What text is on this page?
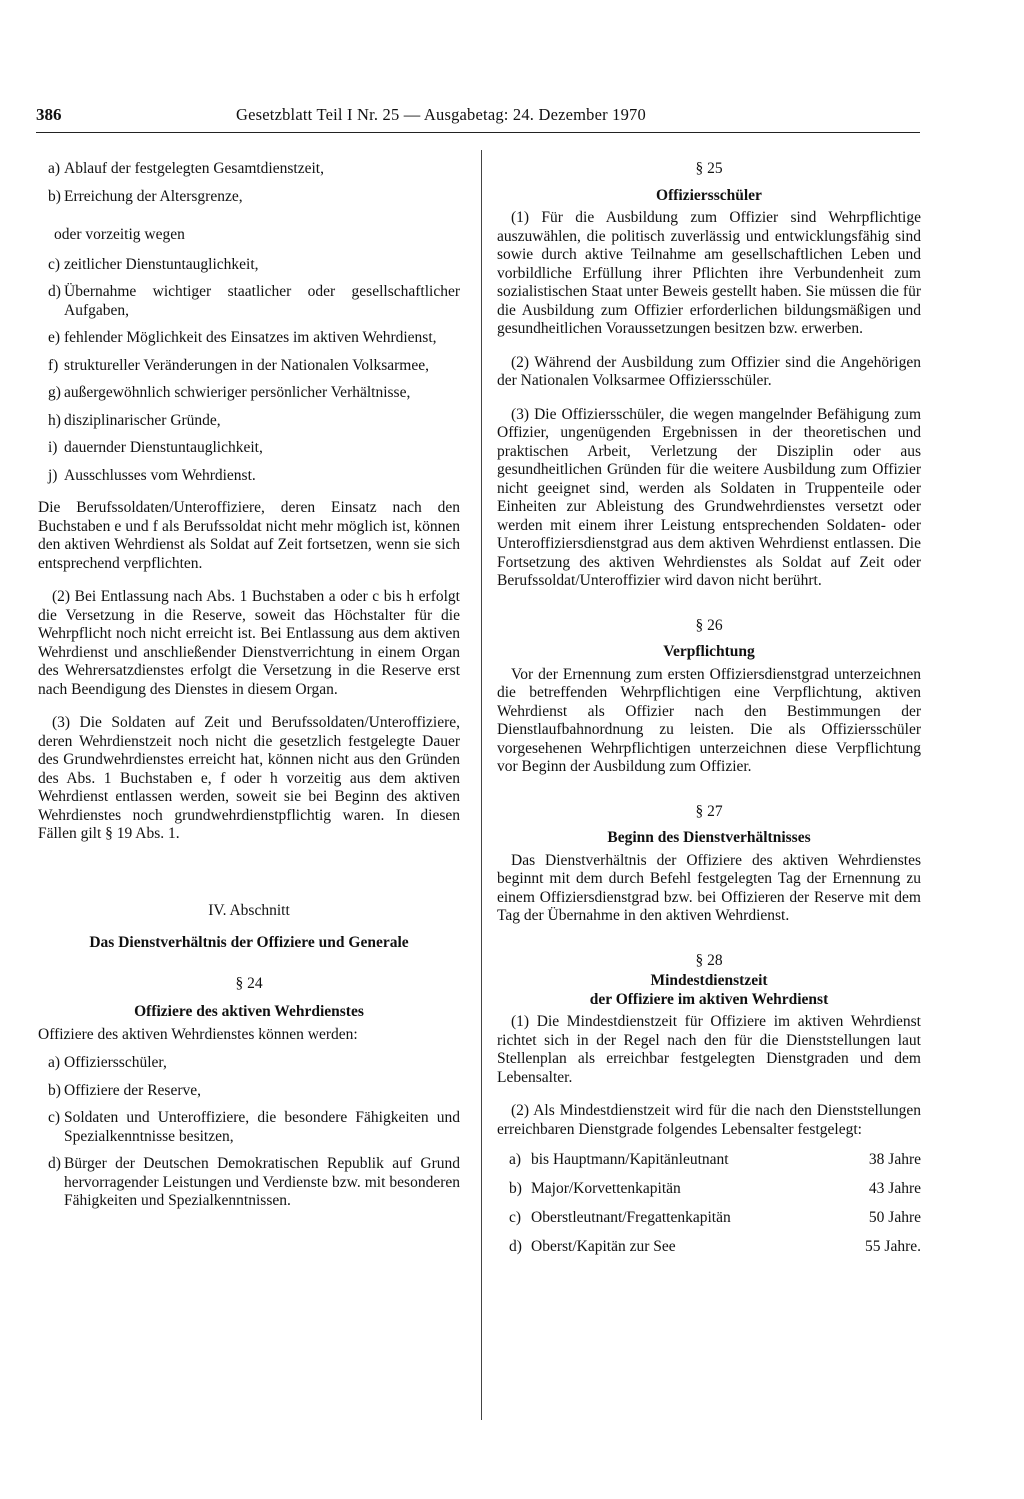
386	Gesetzblatt Teil I Nr. 25 — Ausgabetag: 24. Dezember 1970
a) Ablauf der festgelegten Gesamtdienstzeit,
b) Erreichung der Altersgrenze,

oder vorzeitig wegen

c) zeitlicher Dienstuntauglichkeit,
d) Übernahme wichtiger staatlicher oder gesellschaftlicher Aufgaben,

e) fehlender Möglichkeit des Einsatzes im aktiven Wehrdienst,

f) struktureller Veränderungen in der Nationalen Volksarmee,

g) außergewöhnlich schwieriger persönlicher Verhältnisse,

h) disziplinarischer Gründe,
i) dauernder Dienstuntauglichkeit,
j) Ausschlusses vom Wehrdienst.

Die Berufssoldaten/Unteroffiziere, deren Einsatz nach den Buchstaben e und f als Berufssoldat nicht mehr möglich ist, können den aktiven Wehrdienst als Soldat auf Zeit fortsetzen, wenn sie sich entsprechend verpflichten.

(2) Bei Entlassung nach Abs. 1 Buchstaben a oder c bis h erfolgt die Versetzung in die Reserve, soweit das Höchstalter für die Wehrpflicht noch nicht erreicht ist. Bei Entlassung aus dem aktiven Wehrdienst und anschließender Dienstverrichtung in einem Organ des Wehrersatzdienstes erfolgt die Versetzung in die Reserve erst nach Beendigung des Dienstes in diesem Organ.

(3) Die Soldaten auf Zeit und Berufssoldaten/Unteroffiziere, deren Wehrdienstzeit noch nicht die gesetzlich festgelegte Dauer des Grundwehrdienstes erreicht hat, können nicht aus den Gründen des Abs. 1 Buchstaben e, f oder h vorzeitig aus dem aktiven Wehrdienst entlassen werden, soweit sie bei Beginn des aktiven Wehrdienstes noch grundwehrdienstpflichtig waren. In diesen Fällen gilt § 19 Abs. 1.

IV. Abschnitt

Das Dienstverhältnis der Offiziere und Generale

§ 24

Offiziere des aktiven Wehrdienstes

Offiziere des aktiven Wehrdienstes können werden:

a) Offiziersschüler,
b) Offiziere der Reserve,
c) Soldaten und Unteroffiziere, die besondere Fähigkeiten und Spezialkenntnisse besitzen,

d) Bürger der Deutschen Demokratischen Republik auf Grund hervorragender Leistungen und Verdienste bzw. mit besonderen Fähigkeiten und Spezialkenntnissen.

§ 25

Offiziersschüler

(1) Für die Ausbildung zum Offizier sind Wehrpflichtige auszuwählen, die politisch zuverlässig und entwicklungsfähig sind sowie durch aktive Teilnahme am gesellschaftlichen Leben und vorbildliche Erfüllung ihrer Pflichten ihre Verbundenheit zum sozialistischen Staat unter Beweis gestellt haben. Sie müssen die für die Ausbildung zum Offizier erforderlichen bildungsmäßigen und gesundheitlichen Voraussetzungen besitzen bzw. erwerben.

(2) Während der Ausbildung zum Offizier sind die Angehörigen der Nationalen Volksarmee Offiziersschüler.

(3) Die Offiziersschüler, die wegen mangelnder Befähigung zum Offizier, ungenügenden Ergebnissen in der theoretischen und praktischen Arbeit, Verletzung der Disziplin oder aus gesundheitlichen Gründen für die weitere Ausbildung zum Offizier nicht geeignet sind, werden als Soldaten in Truppenteile oder Einheiten zur Ableistung des Grundwehrdienstes versetzt oder werden mit einem ihrer Leistung entsprechenden Soldaten- oder Unteroffiziersdienstgrad aus dem aktiven Wehrdienst entlassen. Die Fortsetzung des aktiven Wehrdienstes als Soldat auf Zeit oder Berufssoldat/Unteroffizier wird davon nicht berührt.

§ 26

Verpflichtung

Vor der Ernennung zum ersten Offiziersdienstgrad unterzeichnen die betreffenden Wehrpflichtigen eine Verpflichtung, aktiven Wehrdienst als Offizier nach den Bestimmungen der Dienstlaufbahnordnung zu leisten. Die als Offiziersschüler vorgesehenen Wehrpflichtigen unterzeichnen diese Verpflichtung vor Beginn der Ausbildung zum Offizier.

§ 27

Beginn des Dienstverhältnisses

Das Dienstverhältnis der Offiziere des aktiven Wehrdienstes beginnt mit dem durch Befehl festgelegten Tag der Ernennung zu einem Offiziersdienstgrad bzw. bei Offizieren der Reserve mit dem Tag der Übernahme in den aktiven Wehrdienst.

§ 28

Mindestdienstzeit

der Offiziere im aktiven Wehrdienst

(1) Die Mindestdienstzeit für Offiziere im aktiven Wehrdienst richtet sich in der Regel nach den für die Dienststellungen laut Stellenplan als erreichbar festgelegten Dienstgraden und dem Lebensalter.

(2) Als Mindestdienstzeit wird für die nach den Dienststellungen erreichbaren Dienstgrade folgendes Lebensalter festgelegt:

a) bis Hauptmann/Kapitänleutnant	38 Jahre
b) Major/Korvettenkapitän	43 Jahre
c) Oberstleutnant/Fregattenkapitän	50 Jahre
d) Oberst/Kapitän zur See	55 Jahre.
